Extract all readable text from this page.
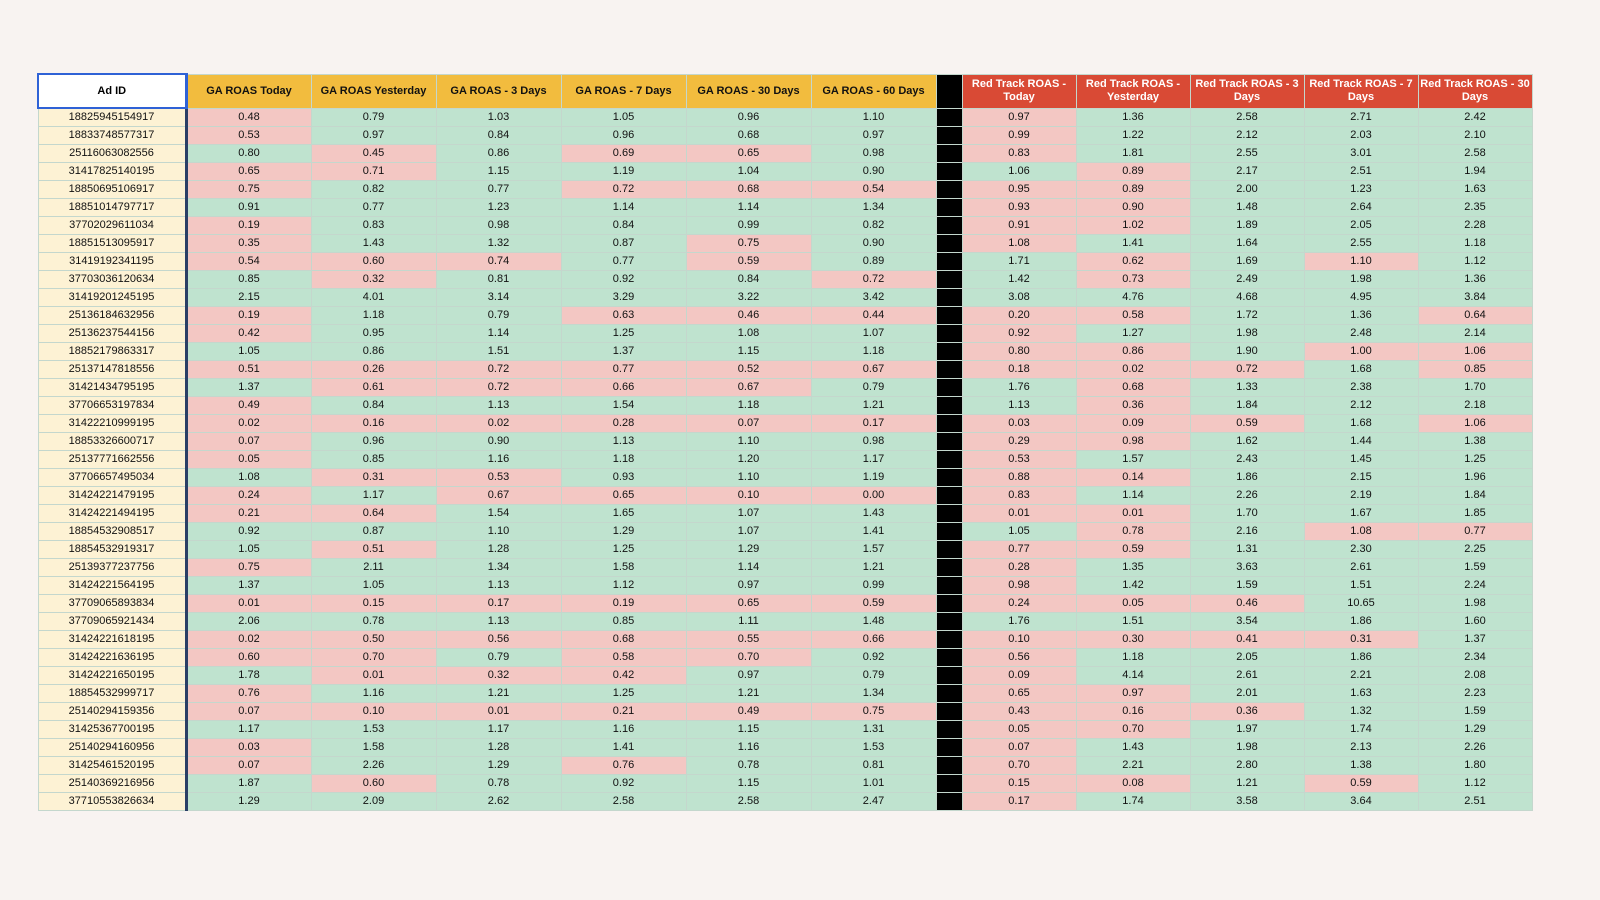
Ad ID	GA ROAS Today	GA ROAS Yesterday	GA ROAS - 3 Days	GA ROAS - 7 Days	GA ROAS - 30 Days	GA ROAS - 60 Days		Red Track ROAS - Today	Red Track ROAS - Yesterday	Red Track ROAS - 3 Days	Red Track ROAS - 7 Days	Red Track ROAS - 30 Days
18825945154917	0.48	0.79	1.03	1.05	0.96	1.10		0.97	1.36	2.58	2.71	2.42
18833748577317	0.53	0.97	0.84	0.96	0.68	0.97		0.99	1.22	2.12	2.03	2.10
25116063082556	0.80	0.45	0.86	0.69	0.65	0.98		0.83	1.81	2.55	3.01	2.58
31417825140195	0.65	0.71	1.15	1.19	1.04	0.90		1.06	0.89	2.17	2.51	1.94
18850695106917	0.75	0.82	0.77	0.72	0.68	0.54		0.95	0.89	2.00	1.23	1.63
18851014797717	0.91	0.77	1.23	1.14	1.14	1.34		0.93	0.90	1.48	2.64	2.35
37702029611034	0.19	0.83	0.98	0.84	0.99	0.82		0.91	1.02	1.89	2.05	2.28
18851513095917	0.35	1.43	1.32	0.87	0.75	0.90		1.08	1.41	1.64	2.55	1.18
31419192341195	0.54	0.60	0.74	0.77	0.59	0.89		1.71	0.62	1.69	1.10	1.12
37703036120634	0.85	0.32	0.81	0.92	0.84	0.72		1.42	0.73	2.49	1.98	1.36
31419201245195	2.15	4.01	3.14	3.29	3.22	3.42		3.08	4.76	4.68	4.95	3.84
25136184632956	0.19	1.18	0.79	0.63	0.46	0.44		0.20	0.58	1.72	1.36	0.64
25136237544156	0.42	0.95	1.14	1.25	1.08	1.07		0.92	1.27	1.98	2.48	2.14
18852179863317	1.05	0.86	1.51	1.37	1.15	1.18		0.80	0.86	1.90	1.00	1.06
25137147818556	0.51	0.26	0.72	0.77	0.52	0.67		0.18	0.02	0.72	1.68	0.85
31421434795195	1.37	0.61	0.72	0.66	0.67	0.79		1.76	0.68	1.33	2.38	1.70
37706653197834	0.49	0.84	1.13	1.54	1.18	1.21		1.13	0.36	1.84	2.12	2.18
31422210999195	0.02	0.16	0.02	0.28	0.07	0.17		0.03	0.09	0.59	1.68	1.06
18853326600717	0.07	0.96	0.90	1.13	1.10	0.98		0.29	0.98	1.62	1.44	1.38
25137771662556	0.05	0.85	1.16	1.18	1.20	1.17		0.53	1.57	2.43	1.45	1.25
37706657495034	1.08	0.31	0.53	0.93	1.10	1.19		0.88	0.14	1.86	2.15	1.96
31424221479195	0.24	1.17	0.67	0.65	0.10	0.00		0.83	1.14	2.26	2.19	1.84
31424221494195	0.21	0.64	1.54	1.65	1.07	1.43		0.01	0.01	1.70	1.67	1.85
18854532908517	0.92	0.87	1.10	1.29	1.07	1.41		1.05	0.78	2.16	1.08	0.77
18854532919317	1.05	0.51	1.28	1.25	1.29	1.57		0.77	0.59	1.31	2.30	2.25
25139377237756	0.75	2.11	1.34	1.58	1.14	1.21		0.28	1.35	3.63	2.61	1.59
31424221564195	1.37	1.05	1.13	1.12	0.97	0.99		0.98	1.42	1.59	1.51	2.24
37709065893834	0.01	0.15	0.17	0.19	0.65	0.59		0.24	0.05	0.46	10.65	1.98
37709065921434	2.06	0.78	1.13	0.85	1.11	1.48		1.76	1.51	3.54	1.86	1.60
31424221618195	0.02	0.50	0.56	0.68	0.55	0.66		0.10	0.30	0.41	0.31	1.37
31424221636195	0.60	0.70	0.79	0.58	0.70	0.92		0.56	1.18	2.05	1.86	2.34
31424221650195	1.78	0.01	0.32	0.42	0.97	0.79		0.09	4.14	2.61	2.21	2.08
18854532999717	0.76	1.16	1.21	1.25	1.21	1.34		0.65	0.97	2.01	1.63	2.23
25140294159356	0.07	0.10	0.01	0.21	0.49	0.75		0.43	0.16	0.36	1.32	1.59
31425367700195	1.17	1.53	1.17	1.16	1.15	1.31		0.05	0.70	1.97	1.74	1.29
25140294160956	0.03	1.58	1.28	1.41	1.16	1.53		0.07	1.43	1.98	2.13	2.26
31425461520195	0.07	2.26	1.29	0.76	0.78	0.81		0.70	2.21	2.80	1.38	1.80
25140369216956	1.87	0.60	0.78	0.92	1.15	1.01		0.15	0.08	1.21	0.59	1.12
37710553826634	1.29	2.09	2.62	2.58	2.58	2.47		0.17	1.74	3.58	3.64	2.51
